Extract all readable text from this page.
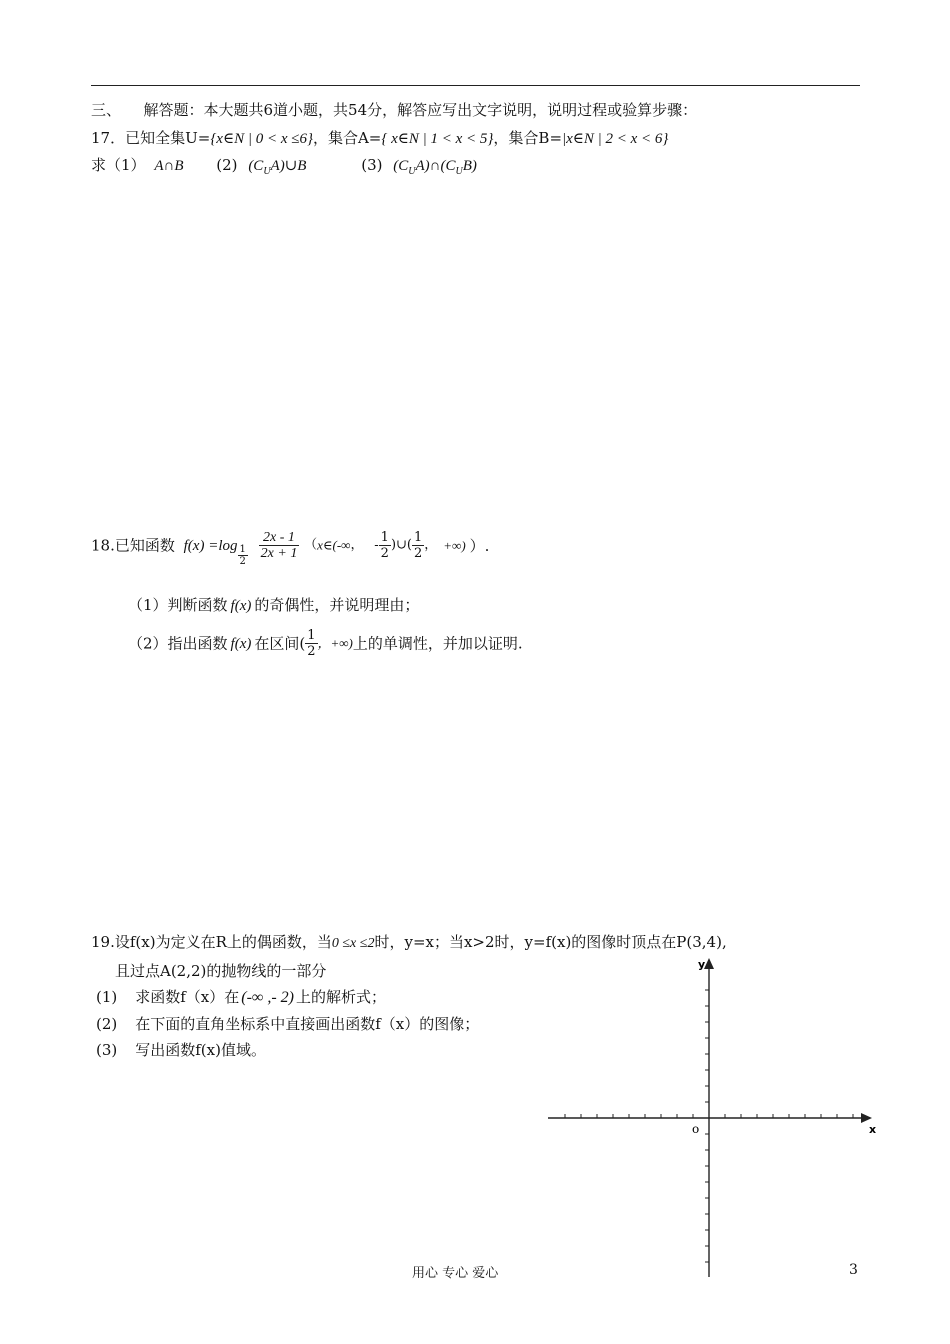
三、　　解答题：本大题共6道小题，共54分，解答应写出文字说明，说明过程或验算步骤：
17．已知全集U={x∈N | 0 < x ≤6}，集合A={ x∈N | 1 < x < 5}，集合B=|x∈N | 2 < x < 6}
求（1） A∩B (2) $(C_UA)\cup B$	(3) $(C_UA)\cap(C_UB)$
18.已知函数 $f(x) =\log \frac{1}{2}$
$\frac{2x - 1}{2x + 1}$ （x∈(-∞， - $\frac{1}{2}$ )∪( $\frac{1}{2}$ ， +∞) ）.
（1）判断函数 f(x) 的奇偶性，并说明理由；
（2）指出函数 f(x) 在区间( $\frac{1}{2}$ ，+∞)上的单调性，并加以证明.
19.设f(x)为定义在R上的偶函数，当0 ≤x ≤2时，y=x；当x>2时，y=f(x)的图像时顶点在P(3,4),
且过点A(2,2)的抛物线的一部分
(1) 求函数f（x）在 (-∞ ,- 2) 上的解析式；
(2) 在下面的直角坐标系中直接画出函数f（x）的图像；
(3) 写出函数f(x)值域。
x
y
o
用心 专心 爱心	3
